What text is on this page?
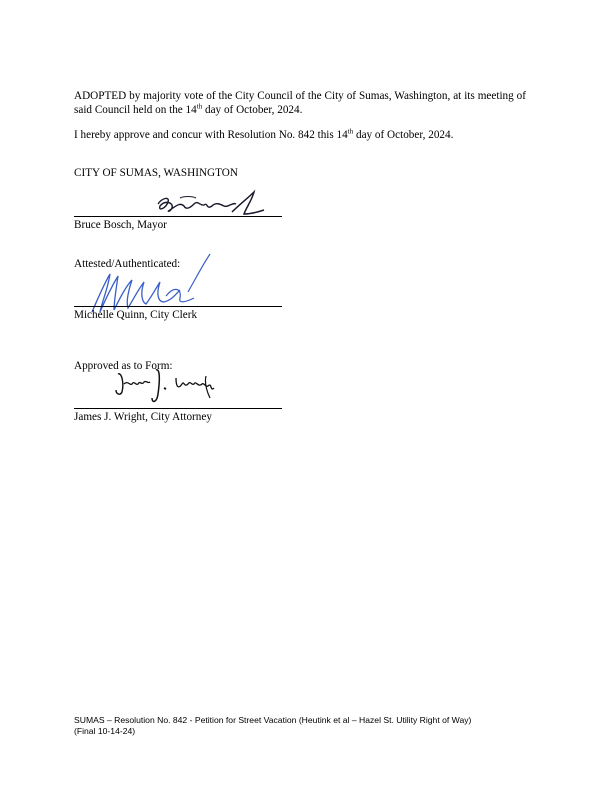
ADOPTED by majority vote of the City Council of the City of Sumas, Washington, at its meeting of said Council held on the 14th day of October, 2024.
I hereby approve and concur with Resolution No. 842 this 14th day of October, 2024.
CITY OF SUMAS, WASHINGTON
Bruce Bosch, Mayor
Attested/Authenticated:
Michelle Quinn, City Clerk
Approved as to Form:
James J. Wright, City Attorney
SUMAS – Resolution No. 842 - Petition for Street Vacation (Heutink et al – Hazel St. Utility Right of Way)
(Final 10-14-24)
